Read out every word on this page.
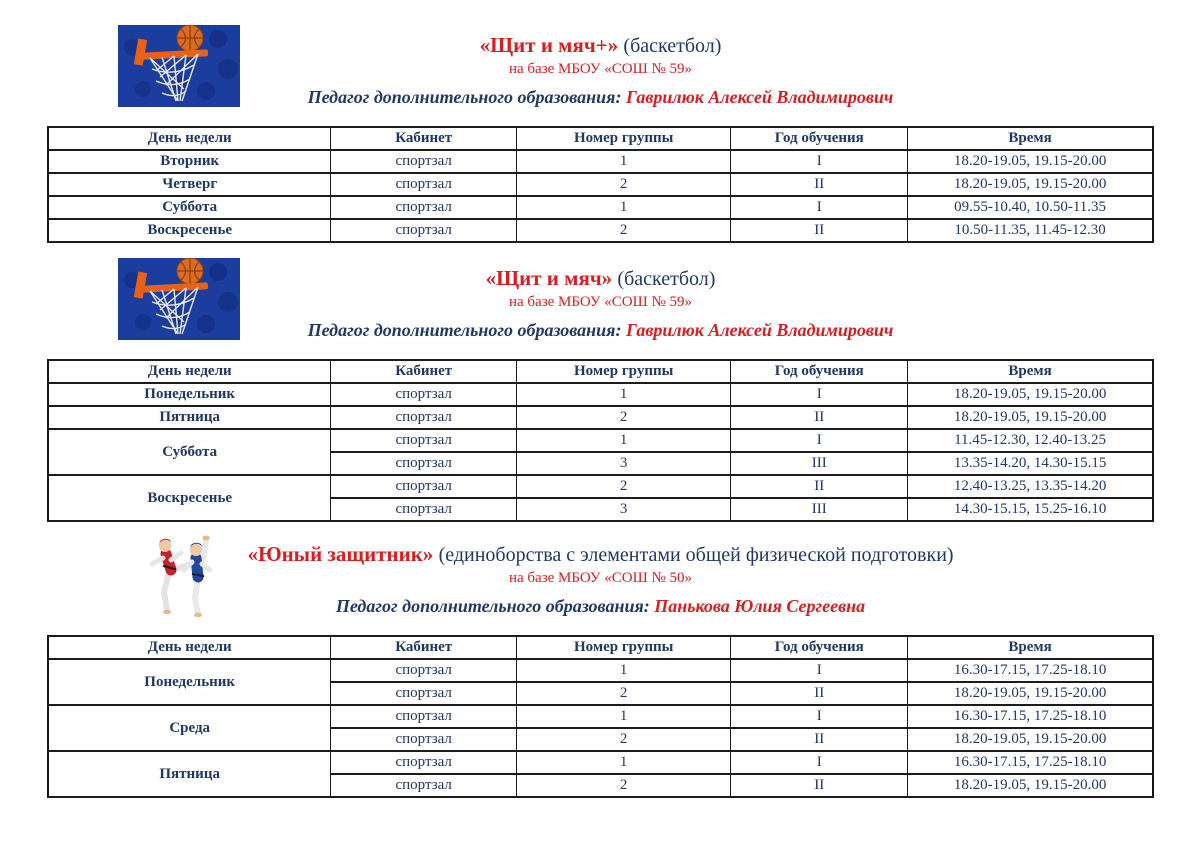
«Щит и мяч+» (баскетбол)
на базе МБОУ «СОШ № 59»
Педагог дополнительного образования: Гаврилюк Алексей Владимирович
День недели	Кабинет	Номер группы	Год обучения	Время
Вторник	спортзал	1	I	18.20-19.05, 19.15-20.00
Четверг	спортзал	2	II	18.20-19.05, 19.15-20.00
Суббота	спортзал	1	I	09.55-10.40, 10.50-11.35
Воскресенье	спортзал	2	II	10.50-11.35, 11.45-12.30
«Щит и мяч» (баскетбол)
на базе МБОУ «СОШ № 59»
Педагог дополнительного образования: Гаврилюк Алексей Владимирович
День недели	Кабинет	Номер группы	Год обучения	Время
Понедельник	спортзал	1	I	18.20-19.05, 19.15-20.00
Пятница	спортзал	2	II	18.20-19.05, 19.15-20.00
Суббота	спортзал	1	I	11.45-12.30, 12.40-13.25
	спортзал	3	III	13.35-14.20, 14.30-15.15
Воскресенье	спортзал	2	II	12.40-13.25, 13.35-14.20
	спортзал	3	III	14.30-15.15, 15.25-16.10
«Юный защитник» (единоборства с элементами общей физической подготовки)
на базе МБОУ «СОШ № 50»
Педагог дополнительного образования: Панькова Юлия Сергеевна
День недели	Кабинет	Номер группы	Год обучения	Время
Понедельник	спортзал	1	I	16.30-17.15, 17.25-18.10
	спортзал	2	II	18.20-19.05, 19.15-20.00
Среда	спортзал	1	I	16.30-17.15, 17.25-18.10
	спортзал	2	II	18.20-19.05, 19.15-20.00
Пятница	спортзал	1	I	16.30-17.15, 17.25-18.10
	спортзал	2	II	18.20-19.05, 19.15-20.00
